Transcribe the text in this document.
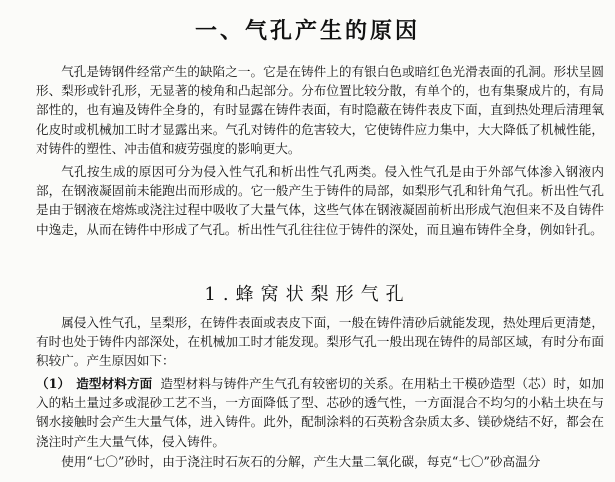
一、气孔产生的原因

气孔是铸钢件经常产生的缺陷之一。它是在铸件上的有银白色或暗红色光滑表面的孔洞。形状呈圆形、梨形或针孔形，无显著的棱角和凸起部分。分布位置比较分散，有单个的，也有集聚成片的，有局部性的，也有遍及铸件全身的，有时显露在铸件表面，有时隐蔽在铸件表皮下面，直到热处理后清理氧化皮时或机械加工时才显露出来。气孔对铸件的危害较大，它使铸件应力集中，大大降低了机械性能，对铸件的塑性、冲击值和疲劳强度的影响更大。

气孔按生成的原因可分为侵入性气孔和析出性气孔两类。侵入性气孔是由于外部气体渗入钢液内部，在钢液凝固前未能跑出而形成的。它一般产生于铸件的局部，如梨形气孔和针角气孔。析出性气孔是由于钢液在熔炼或浇注过程中吸收了大量气体，这些气体在钢液凝固前析出形成气泡但来不及自铸件中逸走，从而在铸件中形成了气孔。析出性气孔往往位于铸件的深处，而且遍布铸件全身，例如针孔。

1.蜂窝状梨形气孔

属侵入性气孔，呈梨形，在铸件表面或表皮下面，一般在铸件清砂后就能发现，热处理后更清楚，有时也处于铸件内部深处，在机械加工时才能发现。梨形气孔一般出现在铸件的局部区域，有时分布面积较广。产生原因如下：

（1） 造型材料方面 造型材料与铸件产生气孔有较密切的关系。在用粘土干模砂造型（芯）时，如加入的粘土量过多或混砂工艺不当，一方面降低了型、芯砂的透气性，一方面混合不均匀的小粘土块在与钢水接触时会产生大量气体，进入铸件。此外，配制涂料的石英粉含杂质太多、镁砂烧结不好，都会在浇注时产生大量气体，侵入铸件。

使用“七〇”砂时，由于浇注时石灰石的分解，产生大量二氧化碳，每克“七〇”砂高温分
